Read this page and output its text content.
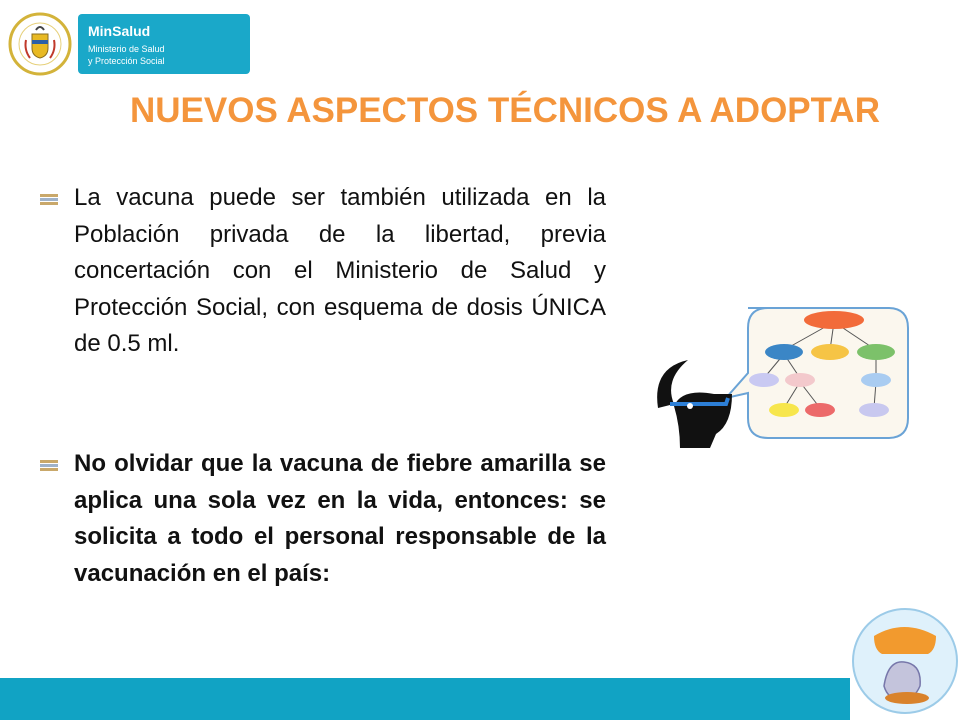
MinSalud
Ministerio de Salud
y Protección Social
NUEVOS ASPECTOS TÉCNICOS A ADOPTAR
La vacuna puede ser también utilizada en la Población privada de la libertad, previa concertación con el Ministerio de Salud y Protección Social, con esquema de dosis ÚNICA de 0.5 ml.
No olvidar que la vacuna de fiebre amarilla se aplica una sola vez en la vida, entonces: se solicita a todo el personal responsable de la vacunación en el país:
